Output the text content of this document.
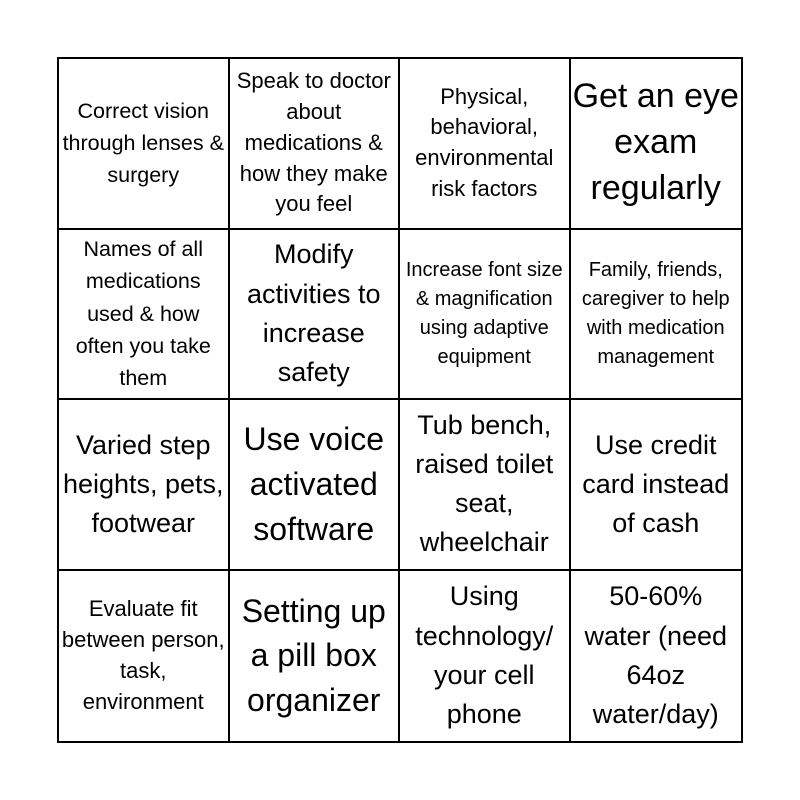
Correct vision through lenses & surgery
Speak to doctor about medications & how they make you feel
Physical, behavioral, environmental risk factors
Get an eye exam regularly
Names of all medications used & how often you take them
Modify activities to increase safety
Increase font size & magnification using adaptive equipment
Family, friends, caregiver to help with medication management
Varied step heights, pets, footwear
Use voice activated software
Tub bench, raised toilet seat, wheelchair
Use credit card instead of cash
Evaluate fit between person, task, environment
Setting up a pill box organizer
Using technology/ your cell phone
50-60% water (need 64oz water/day)
